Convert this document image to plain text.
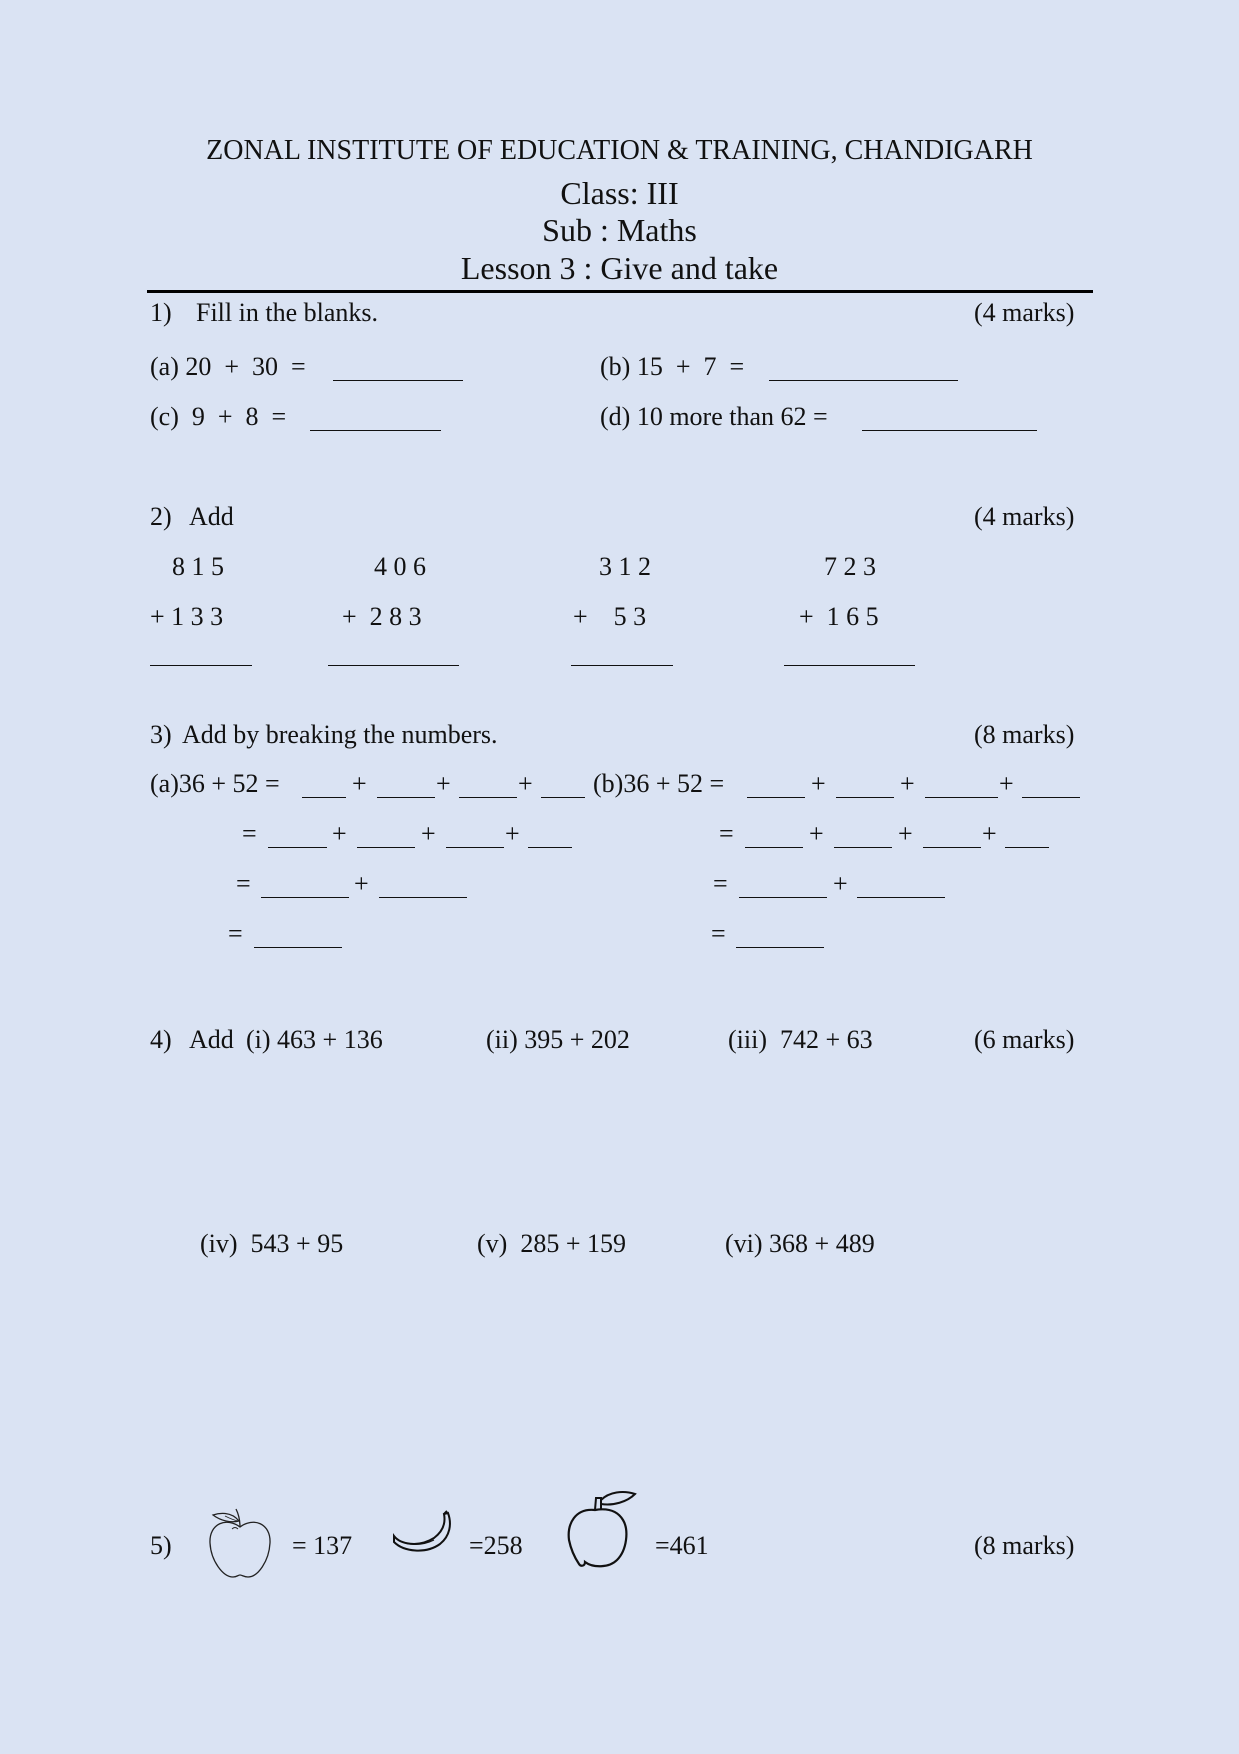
ZONAL INSTITUTE OF EDUCATION & TRAINING, CHANDIGARH
Class: III
Sub : Maths
Lesson 3 : Give and take
1) Fill in the blanks.	(4 marks)
(a) 20  +  30  =	(b) 15  +  7  =
(c)  9  +  8  =	(d) 10 more than 62 =
2) Add	(4 marks)
8 1 5
+ 1 3 3
4 0 6
+  2 8 3
3 1 2
+    5 3
7 2 3
+  1 6 5
3) Add by breaking the numbers.	(8 marks)
(a)36 + 52 =	+	+	+
=	+	+	+
=	+
=
(b)36 + 52 =	+	+	+
=	+	+	+
=	+
=
4) Add (i) 463 + 136	(ii) 395 + 202	(iii)  742 + 63	(6 marks)
(iv)  543 + 95	(v)  285 + 159	(vi) 368 + 489
5)	= 137	=258	=461	(8 marks)
